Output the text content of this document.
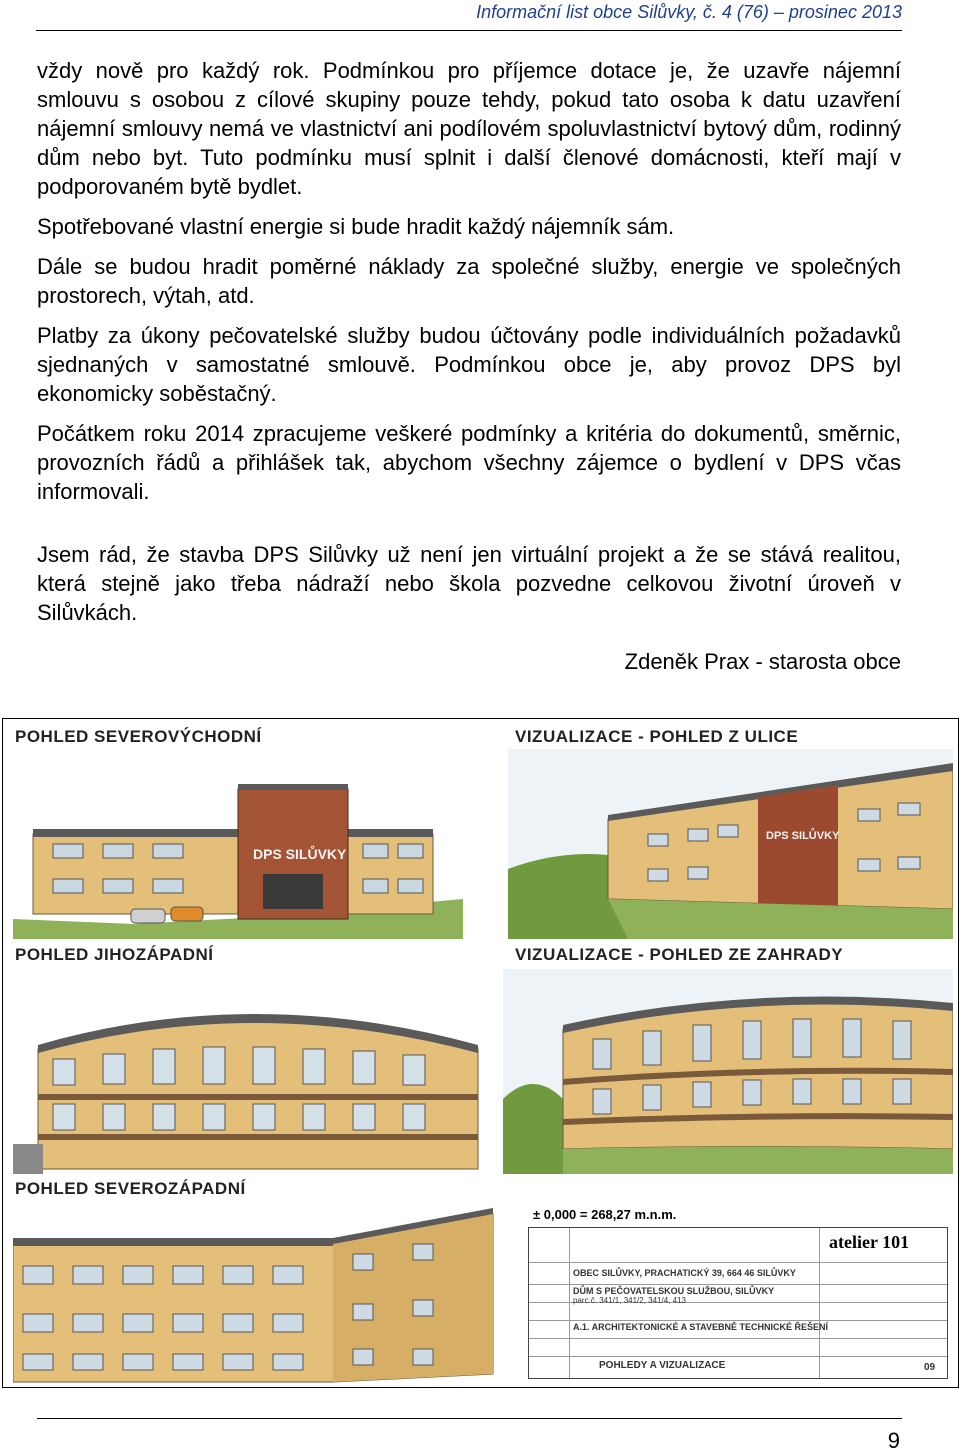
Informační list obce Silůvky, č. 4 (76) – prosinec 2013

vždy nově pro každý rok. Podmínkou pro příjemce dotace je, že uzavře nájemní smlouvu s osobou z cílové skupiny pouze tehdy, pokud tato osoba k datu uzavření nájemní smlouvy nemá ve vlastnictví ani podílovém spoluvlastnictví bytový dům, rodinný dům nebo byt. Tuto podmínku musí splnit i další členové domácnosti, kteří mají v podporovaném bytě bydlet.

Spotřebované vlastní energie si bude hradit každý nájemník sám.

Dále se budou hradit poměrné náklady za společné služby, energie ve společných prostorech, výtah, atd.

Platby za úkony pečovatelské služby budou účtovány podle individuálních požadavků sjednaných v samostatné smlouvě. Podmínkou obce je, aby provoz DPS byl ekonomicky soběstačný.

Počátkem roku 2014 zpracujeme veškeré podmínky a kritéria do dokumentů, směrnic, provozních řádů a přihlášek tak, abychom všechny zájemce o bydlení v DPS včas informovali.

Jsem rád, že stavba DPS Silůvky už není jen virtuální projekt a že se stává realitou, která stejně jako třeba nádraží nebo škola pozvedne celkovou životní úroveň v Silůvkách.

Zdeněk Prax - starosta obce

POHLED SEVEROVÝCHODNÍ
DPS SILŮVKY
VIZUALIZACE - POHLED Z ULICE
DPS SILŮVKY
POHLED JIHOZÁPADNÍ	VIZUALIZACE - POHLED ZE ZAHRADY
POHLED SEVEROZÁPADNÍ
± 0,000 = 268,27 m.n.m.
atelier 101
OBEC SILŮVKY, PRACHATICKÝ 39, 664 46 SILŮVKY
DŮM S PEČOVATELSKOU SLUŽBOU, SILŮVKY
parc.č. 341/1, 341/2, 341/4, 413
A.1. ARCHITEKTONICKÉ A STAVEBNĚ TECHNICKÉ ŘEŠENÍ
POHLEDY A VIZUALIZACE	09
9
